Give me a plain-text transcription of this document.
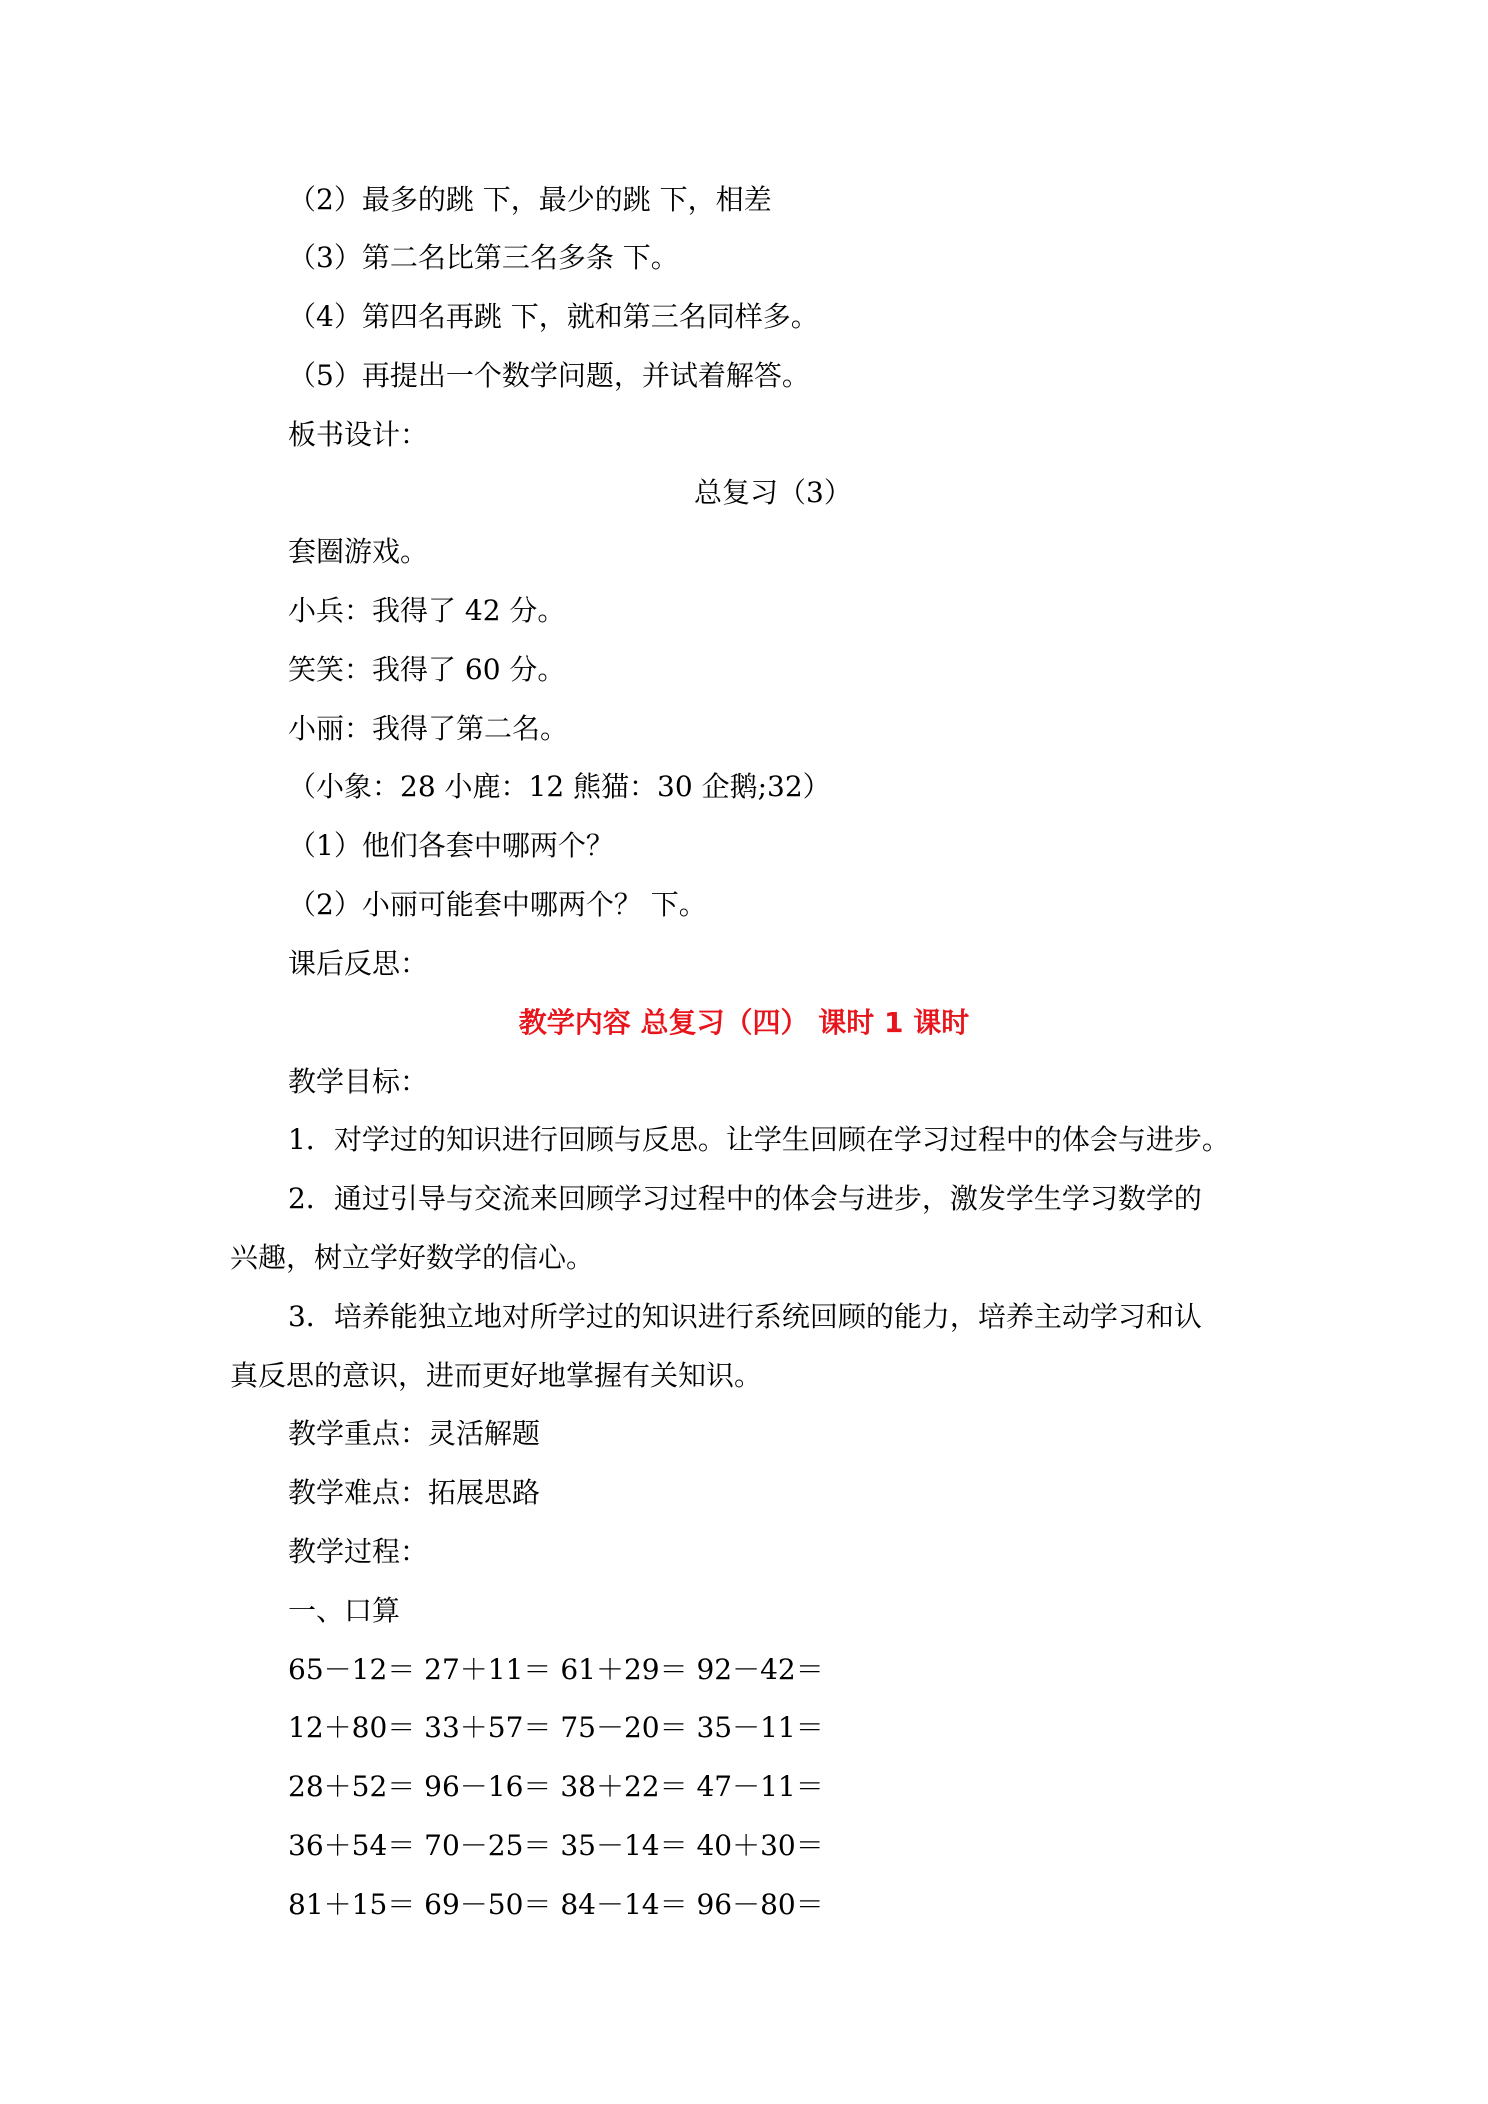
（2）最多的跳 下，最少的跳 下，相差
（3）第二名比第三名多条 下。
（4）第四名再跳 下，就和第三名同样多。
（5）再提出一个数学问题，并试着解答。
板书设计：
总复习（3）
套圈游戏。
小兵：我得了 42 分。
笑笑：我得了 60 分。
小丽：我得了第二名。
（小象：28 小鹿：12 熊猫：30 企鹅;32）
（1）他们各套中哪两个？
（2）小丽可能套中哪两个？ 下。
课后反思：
教学内容 总复习（四） 课时 1 课时
教学目标：
1．对学过的知识进行回顾与反思。让学生回顾在学习过程中的体会与进步。
2．通过引导与交流来回顾学习过程中的体会与进步，激发学生学习数学的
兴趣，树立学好数学的信心。
3．培养能独立地对所学过的知识进行系统回顾的能力，培养主动学习和认
真反思的意识，进而更好地掌握有关知识。
教学重点：灵活解题
教学难点：拓展思路
教学过程：
一、口算
65－12＝ 27＋11＝ 61＋29＝ 92－42＝
12＋80＝ 33＋57＝ 75－20＝ 35－11＝
28＋52＝ 96－16＝ 38＋22＝ 47－11＝
36＋54＝ 70－25＝ 35－14＝ 40＋30＝
81＋15＝ 69－50＝ 84－14＝ 96－80＝
